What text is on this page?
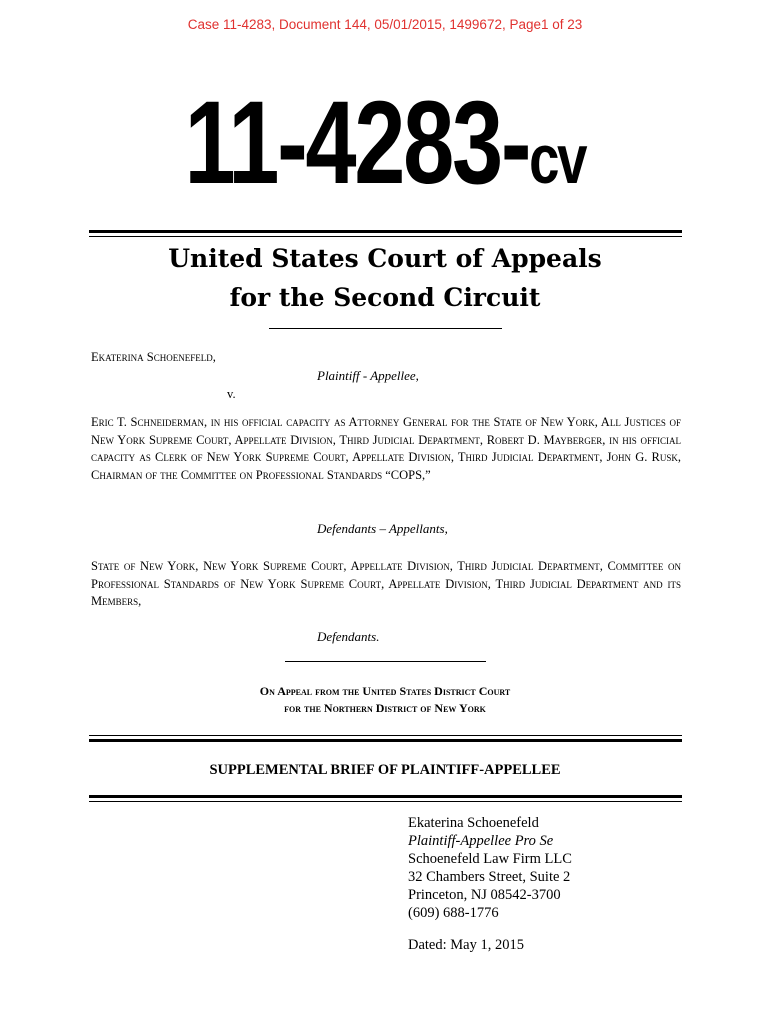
Case 11-4283, Document 144, 05/01/2015, 1499672, Page1 of 23
11-4283-cv
United States Court of Appeals
for the Second Circuit
Ekaterina Schoenefeld,
Plaintiff - Appellee,
v.
Eric T. Schneiderman, in his official capacity as Attorney General for the State of New York, All Justices of New York Supreme Court, Appellate Division, Third Judicial Department, Robert D. Mayberger, in his official capacity as Clerk of New York Supreme Court, Appellate Division, Third Judicial Department, John G. Rusk, Chairman of the Committee on Professional Standards “COPS,”
Defendants – Appellants,
State of New York, New York Supreme Court, Appellate Division, Third Judicial Department, Committee on Professional Standards of New York Supreme Court, Appellate Division, Third Judicial Department and its Members,
Defendants.
On Appeal from the United States District Court
for the Northern District of New York
SUPPLEMENTAL BRIEF OF PLAINTIFF-APPELLEE
Ekaterina Schoenefeld
Plaintiff-Appellee Pro Se
Schoenefeld Law Firm LLC
32 Chambers Street, Suite 2
Princeton, NJ 08542-3700
(609) 688-1776
Dated: May 1, 2015
